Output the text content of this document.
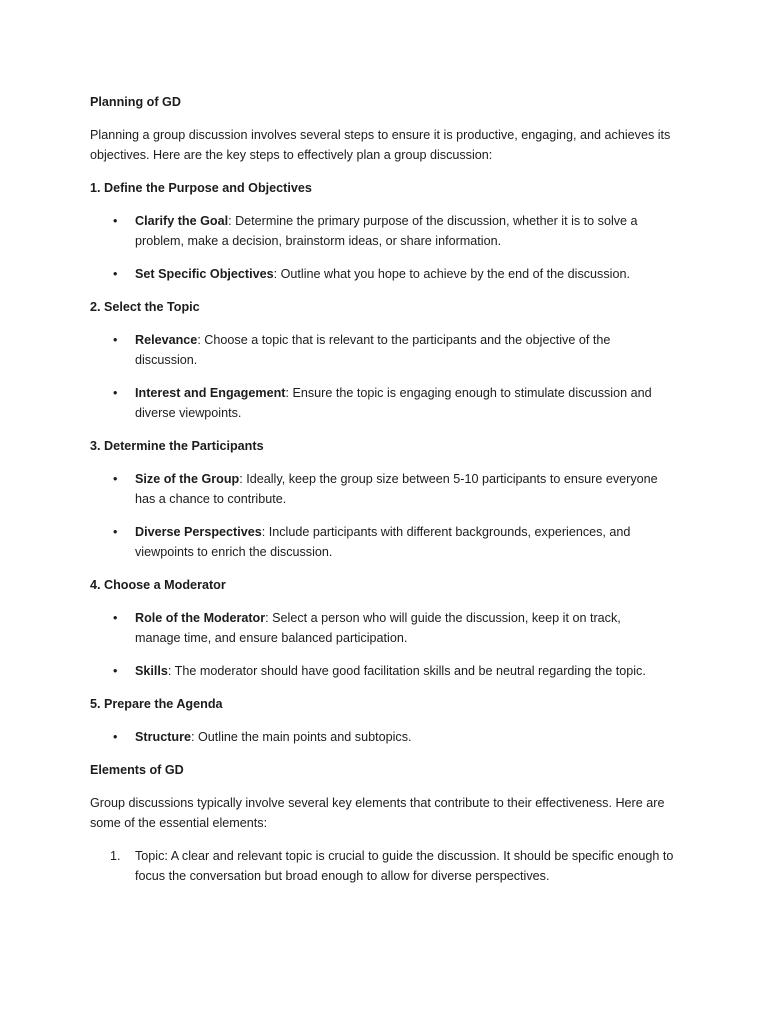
Planning of GD
Planning a group discussion involves several steps to ensure it is productive, engaging, and achieves its objectives. Here are the key steps to effectively plan a group discussion:
1. Define the Purpose and Objectives
• Clarify the Goal: Determine the primary purpose of the discussion, whether it is to solve a problem, make a decision, brainstorm ideas, or share information.
• Set Specific Objectives: Outline what you hope to achieve by the end of the discussion.
2. Select the Topic
• Relevance: Choose a topic that is relevant to the participants and the objective of the discussion.
• Interest and Engagement: Ensure the topic is engaging enough to stimulate discussion and diverse viewpoints.
3. Determine the Participants
• Size of the Group: Ideally, keep the group size between 5-10 participants to ensure everyone has a chance to contribute.
• Diverse Perspectives: Include participants with different backgrounds, experiences, and viewpoints to enrich the discussion.
4. Choose a Moderator
• Role of the Moderator: Select a person who will guide the discussion, keep it on track, manage time, and ensure balanced participation.
• Skills: The moderator should have good facilitation skills and be neutral regarding the topic.
5. Prepare the Agenda
• Structure: Outline the main points and subtopics.
Elements of GD
Group discussions typically involve several key elements that contribute to their effectiveness. Here are some of the essential elements:
1. Topic: A clear and relevant topic is crucial to guide the discussion. It should be specific enough to focus the conversation but broad enough to allow for diverse perspectives.
